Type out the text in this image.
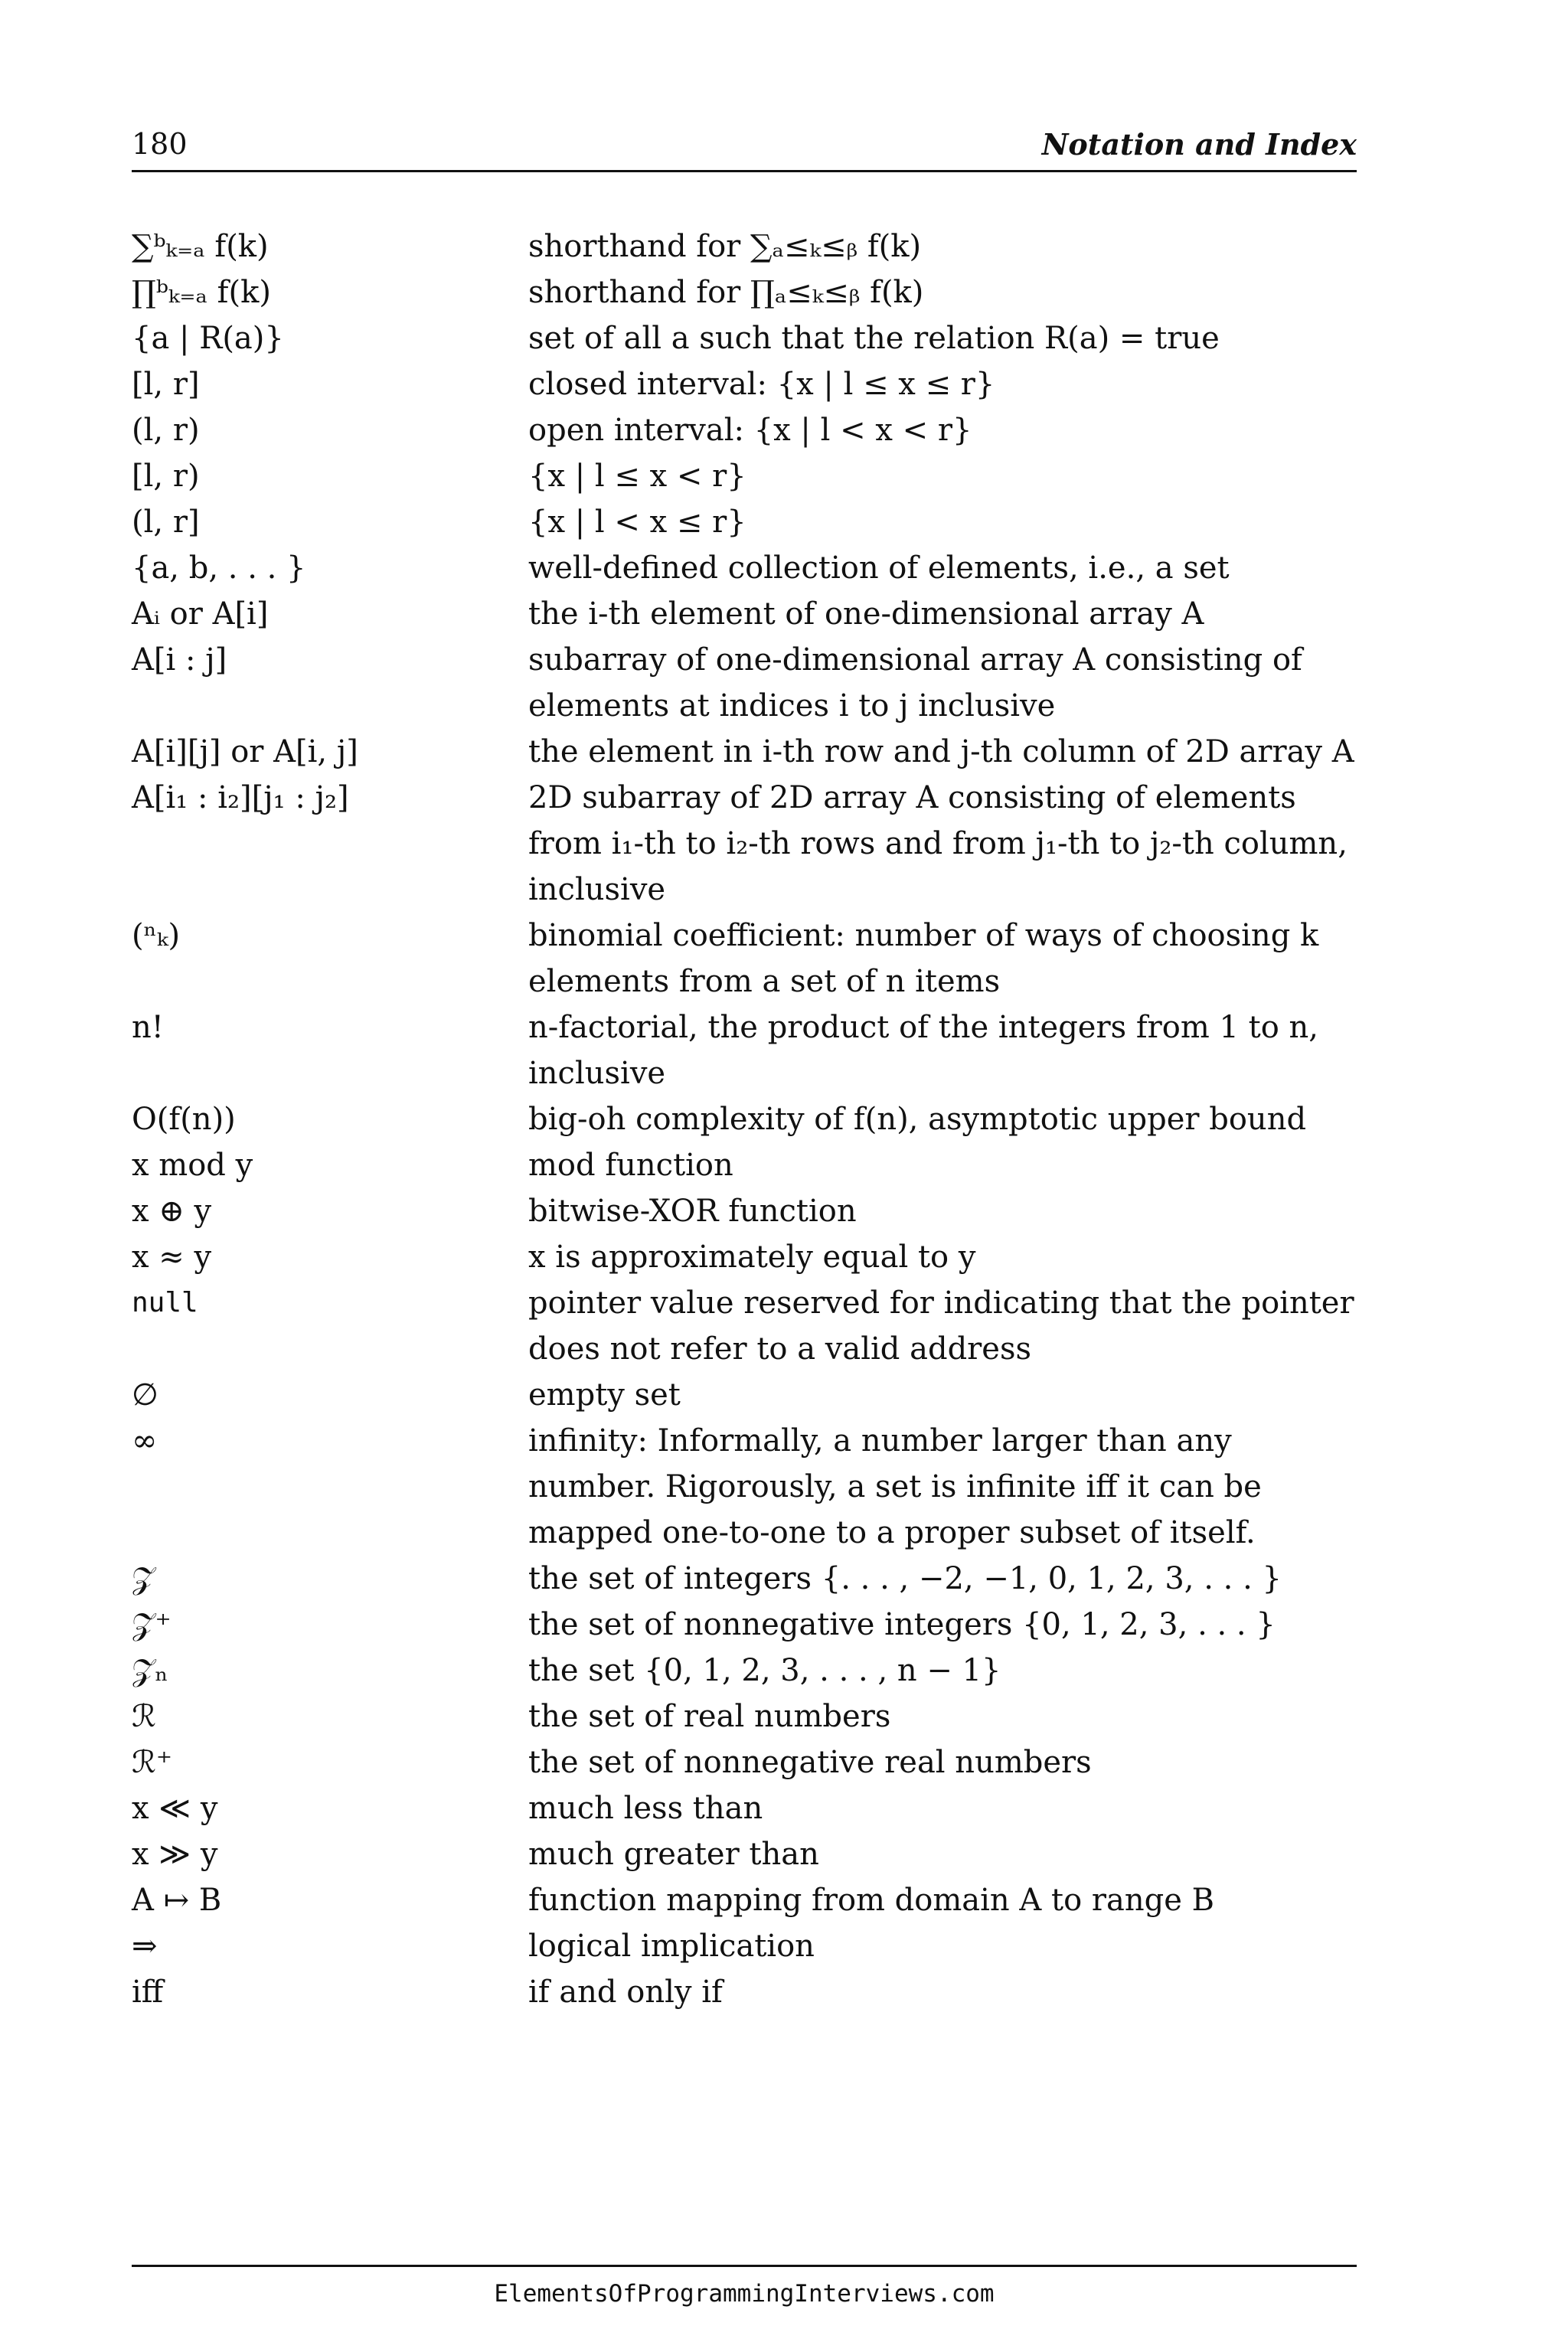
180	Notation and Index
∑ᵇₖ₌ₐ f(k)	shorthand for ∑ₐ≤ₖ≤ᵦ f(k)
∏ᵇₖ₌ₐ f(k)	shorthand for ∏ₐ≤ₖ≤ᵦ f(k)
{a | R(a)}	set of all a such that the relation R(a) = true
[l, r]	closed interval: {x | l ≤ x ≤ r}
(l, r)	open interval: {x | l < x < r}
[l, r)	{x | l ≤ x < r}
(l, r]	{x | l < x ≤ r}
{a, b, . . . }	well-defined collection of elements, i.e., a set
Aᵢ or A[i]	the i-th element of one-dimensional array A
A[i : j]	subarray of one-dimensional array A consisting of elements at indices i to j inclusive
A[i][j] or A[i, j]	the element in i-th row and j-th column of 2D array A
A[i₁ : i₂][j₁ : j₂]	2D subarray of 2D array A consisting of elements from i₁-th to i₂-th rows and from j₁-th to j₂-th column, inclusive
(ⁿₖ)	binomial coefficient: number of ways of choosing k elements from a set of n items
n!	n-factorial, the product of the integers from 1 to n, inclusive
O(f(n))	big-oh complexity of f(n), asymptotic upper bound
x mod y	mod function
x ⊕ y	bitwise-XOR function
x ≈ y	x is approximately equal to y
null	pointer value reserved for indicating that the pointer does not refer to a valid address
∅	empty set
∞	infinity: Informally, a number larger than any number. Rigorously, a set is infinite iff it can be mapped one-to-one to a proper subset of itself.
𝒵	the set of integers {. . . , −2, −1, 0, 1, 2, 3, . . . }
𝒵⁺	the set of nonnegative integers {0, 1, 2, 3, . . . }
𝒵ₙ	the set {0, 1, 2, 3, . . . , n − 1}
ℛ	the set of real numbers
ℛ⁺	the set of nonnegative real numbers
x ≪ y	much less than
x ≫ y	much greater than
A ↦ B	function mapping from domain A to range B
⇒	logical implication
iff	if and only if
ElementsOfProgrammingInterviews.com
